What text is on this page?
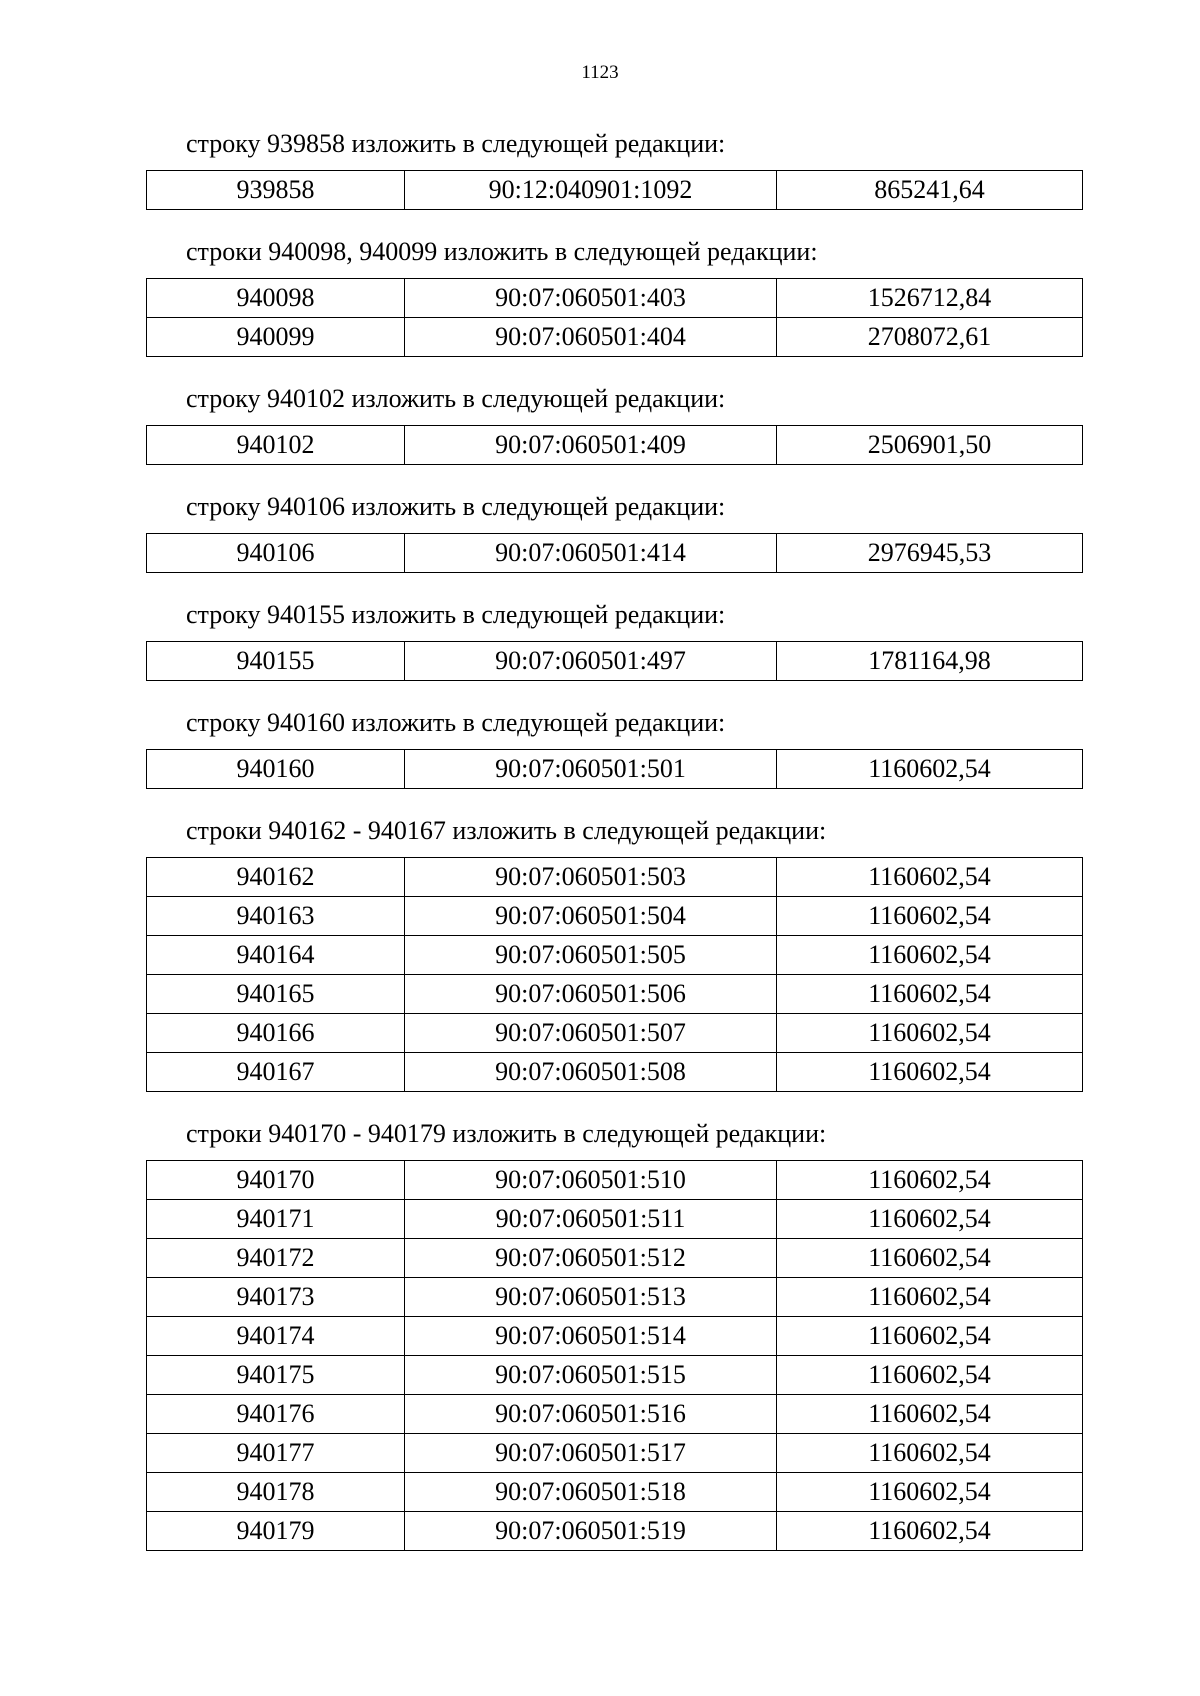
1123
строку 939858 изложить в следующей редакции:
939858	90:12:040901:1092	865241,64
строки 940098, 940099 изложить в следующей редакции:
940098	90:07:060501:403	1526712,84
940099	90:07:060501:404	2708072,61
строку 940102 изложить в следующей редакции:
940102	90:07:060501:409	2506901,50
строку 940106 изложить в следующей редакции:
940106	90:07:060501:414	2976945,53
строку 940155 изложить в следующей редакции:
940155	90:07:060501:497	1781164,98
строку 940160 изложить в следующей редакции:
940160	90:07:060501:501	1160602,54
строки 940162 - 940167 изложить в следующей редакции:
940162	90:07:060501:503	1160602,54
940163	90:07:060501:504	1160602,54
940164	90:07:060501:505	1160602,54
940165	90:07:060501:506	1160602,54
940166	90:07:060501:507	1160602,54
940167	90:07:060501:508	1160602,54
строки 940170 - 940179 изложить в следующей редакции:
940170	90:07:060501:510	1160602,54
940171	90:07:060501:511	1160602,54
940172	90:07:060501:512	1160602,54
940173	90:07:060501:513	1160602,54
940174	90:07:060501:514	1160602,54
940175	90:07:060501:515	1160602,54
940176	90:07:060501:516	1160602,54
940177	90:07:060501:517	1160602,54
940178	90:07:060501:518	1160602,54
940179	90:07:060501:519	1160602,54
